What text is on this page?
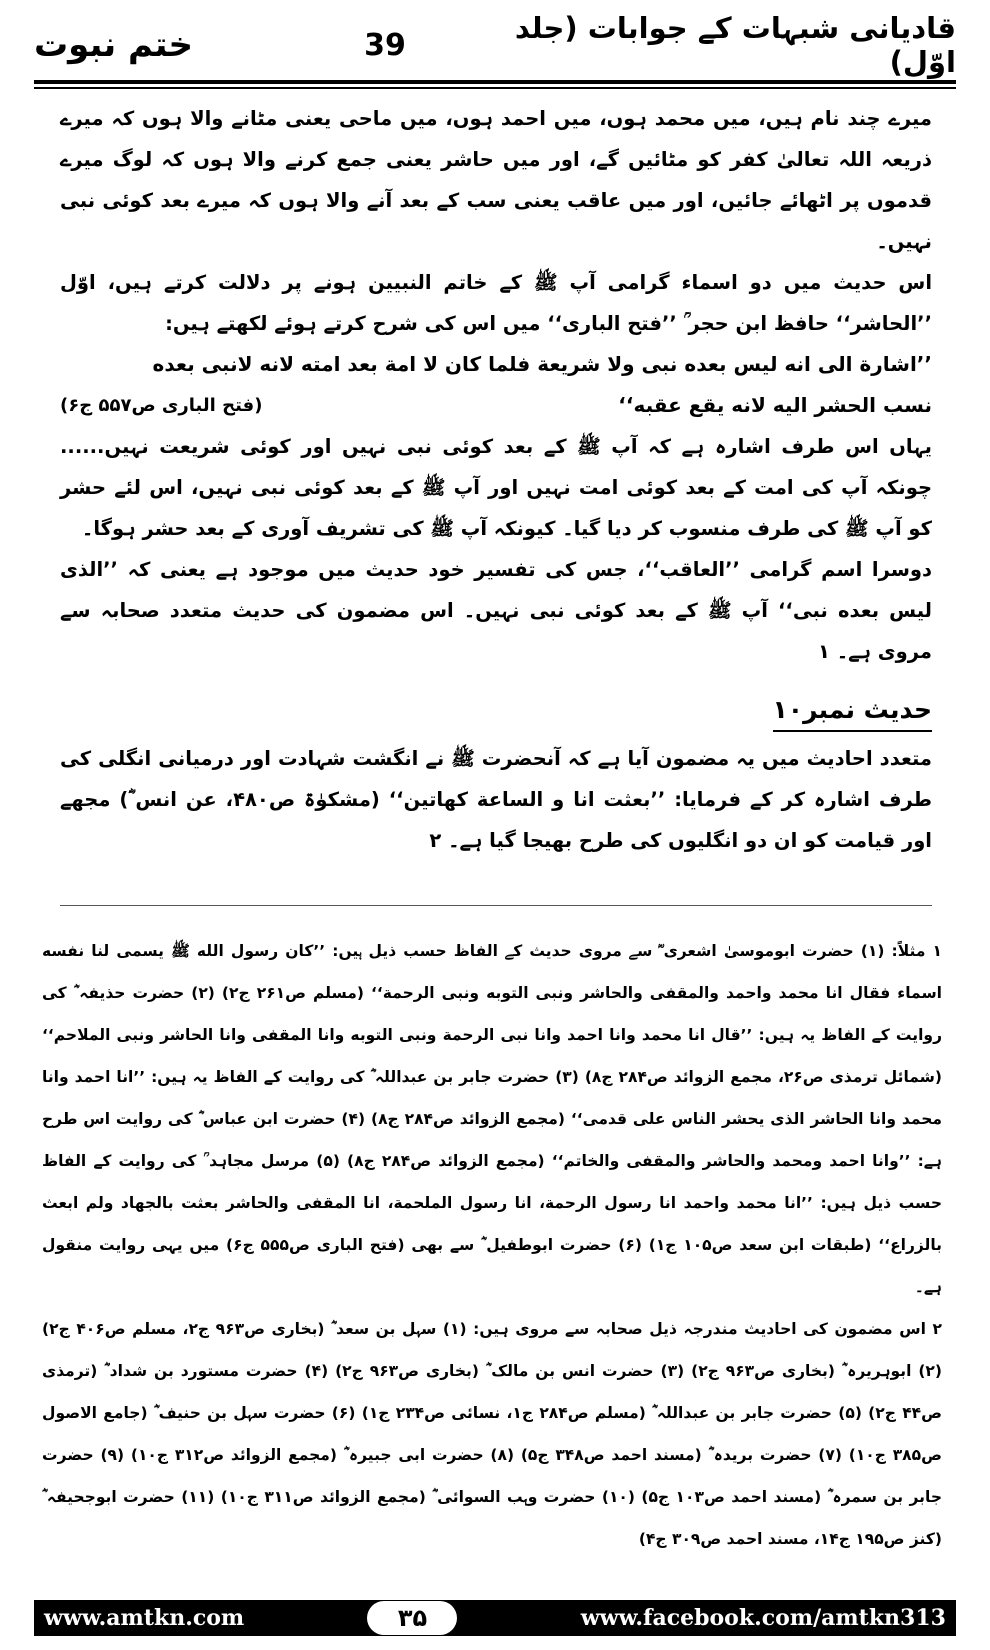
ختم نبوت	39	قادیانی شبہات کے جوابات (جلد اوّل)

میرے چند نام ہیں، میں محمد ہوں، میں احمد ہوں، میں ماحی یعنی مٹانے والا ہوں کہ میرے ذریعہ اللہ تعالیٰ کفر کو مٹائیں گے، اور میں حاشر یعنی جمع کرنے والا ہوں کہ لوگ میرے قدموں پر اٹھائے جائیں، اور میں عاقب یعنی سب کے بعد آنے والا ہوں کہ میرے بعد کوئی نبی نہیں۔

اس حدیث میں دو اسماء گرامی آپ ﷺ کے خاتم النبیین ہونے پر دلالت کرتے ہیں، اوّل ’’الحاشر‘‘ حافظ ابن حجر ؒ ’’فتح الباری‘‘ میں اس کی شرح کرتے ہوئے لکھتے ہیں:

’’اشارة الی انه لیس بعده نبی ولا شریعة فلما کان لا امة بعد امته لانه لانبی بعده

نسب الحشر الیه لانه یقع عقبه‘‘
(فتح الباری ص۵۵۷ ج۶)

یہاں اس طرف اشارہ ہے کہ آپ ﷺ کے بعد کوئی نبی نہیں اور کوئی شریعت نہیں...... چونکہ آپ کی امت کے بعد کوئی امت نہیں اور آپ ﷺ کے بعد کوئی نبی نہیں، اس لئے حشر کو آپ ﷺ کی طرف منسوب کر دیا گیا۔ کیونکہ آپ ﷺ کی تشریف آوری کے بعد حشر ہوگا۔

دوسرا اسم گرامی ’’العاقب‘‘، جس کی تفسیر خود حدیث میں موجود ہے یعنی کہ ’’الذی لیس بعده نبی‘‘ آپ ﷺ کے بعد کوئی نبی نہیں۔ اس مضمون کی حدیث متعدد صحابہ سے مروی ہے۔ ۱

حدیث نمبر۱۰

متعدد احادیث میں یہ مضمون آیا ہے کہ آنحضرت ﷺ نے انگشت شہادت اور درمیانی انگلی کی طرف اشارہ کر کے فرمایا: ’’بعثت انا و الساعة کهاتین‘‘ (مشکوٰۃ ص۴۸۰، عن انس ؓ) مجھے اور قیامت کو ان دو انگلیوں کی طرح بھیجا گیا ہے۔ ۲

۱ مثلاً: (۱) حضرت ابوموسیٰ اشعری ؓ سے مروی حدیث کے الفاظ حسب ذیل ہیں: ’’کان رسول الله ﷺ یسمی لنا نفسه اسماء فقال انا محمد واحمد والمقفی والحاشر ونبی التوبه ونبی الرحمة‘‘ (مسلم ص۲۶۱ ج۲) (۲) حضرت حذیفہ ؓ کی روایت کے الفاظ یہ ہیں: ’’قال انا محمد وانا احمد وانا نبی الرحمة ونبی التوبه وانا المقفی وانا الحاشر ونبی الملاحم‘‘ (شمائل ترمذی ص۲۶، مجمع الزوائد ص۲۸۴ ج۸) (۳) حضرت جابر بن عبداللہ ؓ کی روایت کے الفاظ یہ ہیں: ’’انا احمد وانا محمد وانا الحاشر الذی یحشر الناس علی قدمی‘‘ (مجمع الزوائد ص۲۸۴ ج۸) (۴) حضرت ابن عباس ؓ کی روایت اس طرح ہے: ’’وانا احمد ومحمد والحاشر والمقفی والخاتم‘‘ (مجمع الزوائد ص۲۸۴ ج۸) (۵) مرسل مجاہد ؒ کی روایت کے الفاظ حسب ذیل ہیں: ’’انا محمد واحمد انا رسول الرحمة، انا رسول الملحمة، انا المقفی والحاشر بعثت بالجهاد ولم ابعث بالزراع‘‘ (طبقات ابن سعد ص۱۰۵ ج۱) (۶) حضرت ابوطفیل ؓ سے بھی (فتح الباری ص۵۵۵ ج۶) میں یہی روایت منقول ہے۔

۲ اس مضمون کی احادیث مندرجہ ذیل صحابہ سے مروی ہیں: (۱) سہل بن سعد ؓ (بخاری ص۹۶۳ ج۲، مسلم ص۴۰۶ ج۲) (۲) ابوہریرہ ؓ (بخاری ص۹۶۳ ج۲) (۳) حضرت انس بن مالک ؓ (بخاری ص۹۶۳ ج۲) (۴) حضرت مستورد بن شداد ؓ (ترمذی ص۴۴ ج۲) (۵) حضرت جابر بن عبداللہ ؓ (مسلم ص۲۸۴ ج۱، نسائی ص۲۳۴ ج۱) (۶) حضرت سہل بن حنیف ؓ (جامع الاصول ص۳۸۵ ج۱۰) (۷) حضرت بریدہ ؓ (مسند احمد ص۳۴۸ ج۵) (۸) حضرت ابی جبیرہ ؓ (مجمع الزوائد ص۳۱۲ ج۱۰) (۹) حضرت جابر بن سمرہ ؓ (مسند احمد ص۱۰۳ ج۵) (۱۰) حضرت وہب السوائی ؓ (مجمع الزوائد ص۳۱۱ ج۱۰) (۱۱) حضرت ابوجحیفہ ؓ (کنز ص۱۹۵ ج۱۴، مسند احمد ص۳۰۹ ج۴)

www.amtkn.com	۳۵	www.facebook.com/amtkn313
